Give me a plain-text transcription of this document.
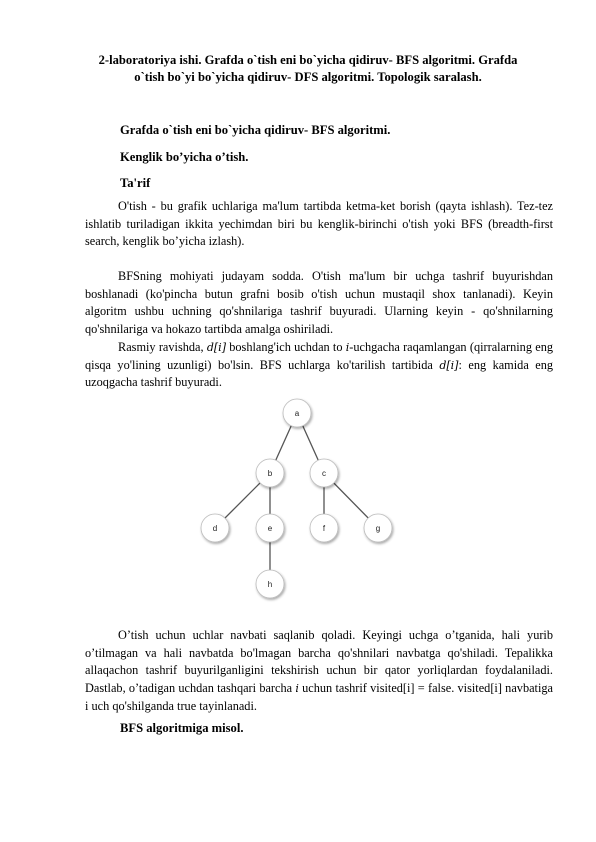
2-laboratoriya ishi. Grafda o`tish eni bo`yicha qidiruv- BFS algoritmi. Grafda
o`tish bo`yi bo`yicha qidiruv- DFS algoritmi. Topologik saralash.
Grafda o`tish eni bo`yicha qidiruv- BFS algoritmi.
Kenglik bo’yicha o’tish.
Ta'rif

O'tish - bu grafik uchlariga ma'lum tartibda ketma-ket borish (qayta ishlash). Tez-tez ishlatib turiladigan ikkita yechimdan biri bu kenglik-birinchi o'tish yoki BFS (breadth-first search, kenglik bo’yicha izlash).

BFSning mohiyati judayam sodda. O'tish ma'lum bir uchga tashrif buyurishdan boshlanadi (ko'pincha butun grafni bosib o'tish uchun mustaqil shox tanlanadi). Keyin algoritm ushbu uchning qo'shnilariga tashrif buyuradi. Ularning keyin - qo'shnilarning qo'shnilariga va hokazo tartibda amalga oshiriladi.

Rasmiy ravishda, d[i] boshlang'ich uchdan to i-uchgacha raqamlangan (qirralarning eng qisqa yo'lining uzunligi) bo'lsin. BFS uchlarga ko'tarilish tartibida d[i]: eng kamida eng uzoqgacha tashrif buyuradi.

a
b	c
d	e	f	g
h

O’tish uchun uchlar navbati saqlanib qoladi. Keyingi uchga o’tganida, hali yurib o’tilmagan va hali navbatda bo'lmagan barcha qo'shnilari navbatga qo'shiladi. Tepalikka allaqachon tashrif buyurilganligini tekshirish uchun bir qator yorliqlardan foydalaniladi. Dastlab, o’tadigan uchdan tashqari barcha i uchun tashrif visited[i] = false. visited[i] navbatiga i uch qo'shilganda true tayinlanadi.

BFS algoritmiga misol.
